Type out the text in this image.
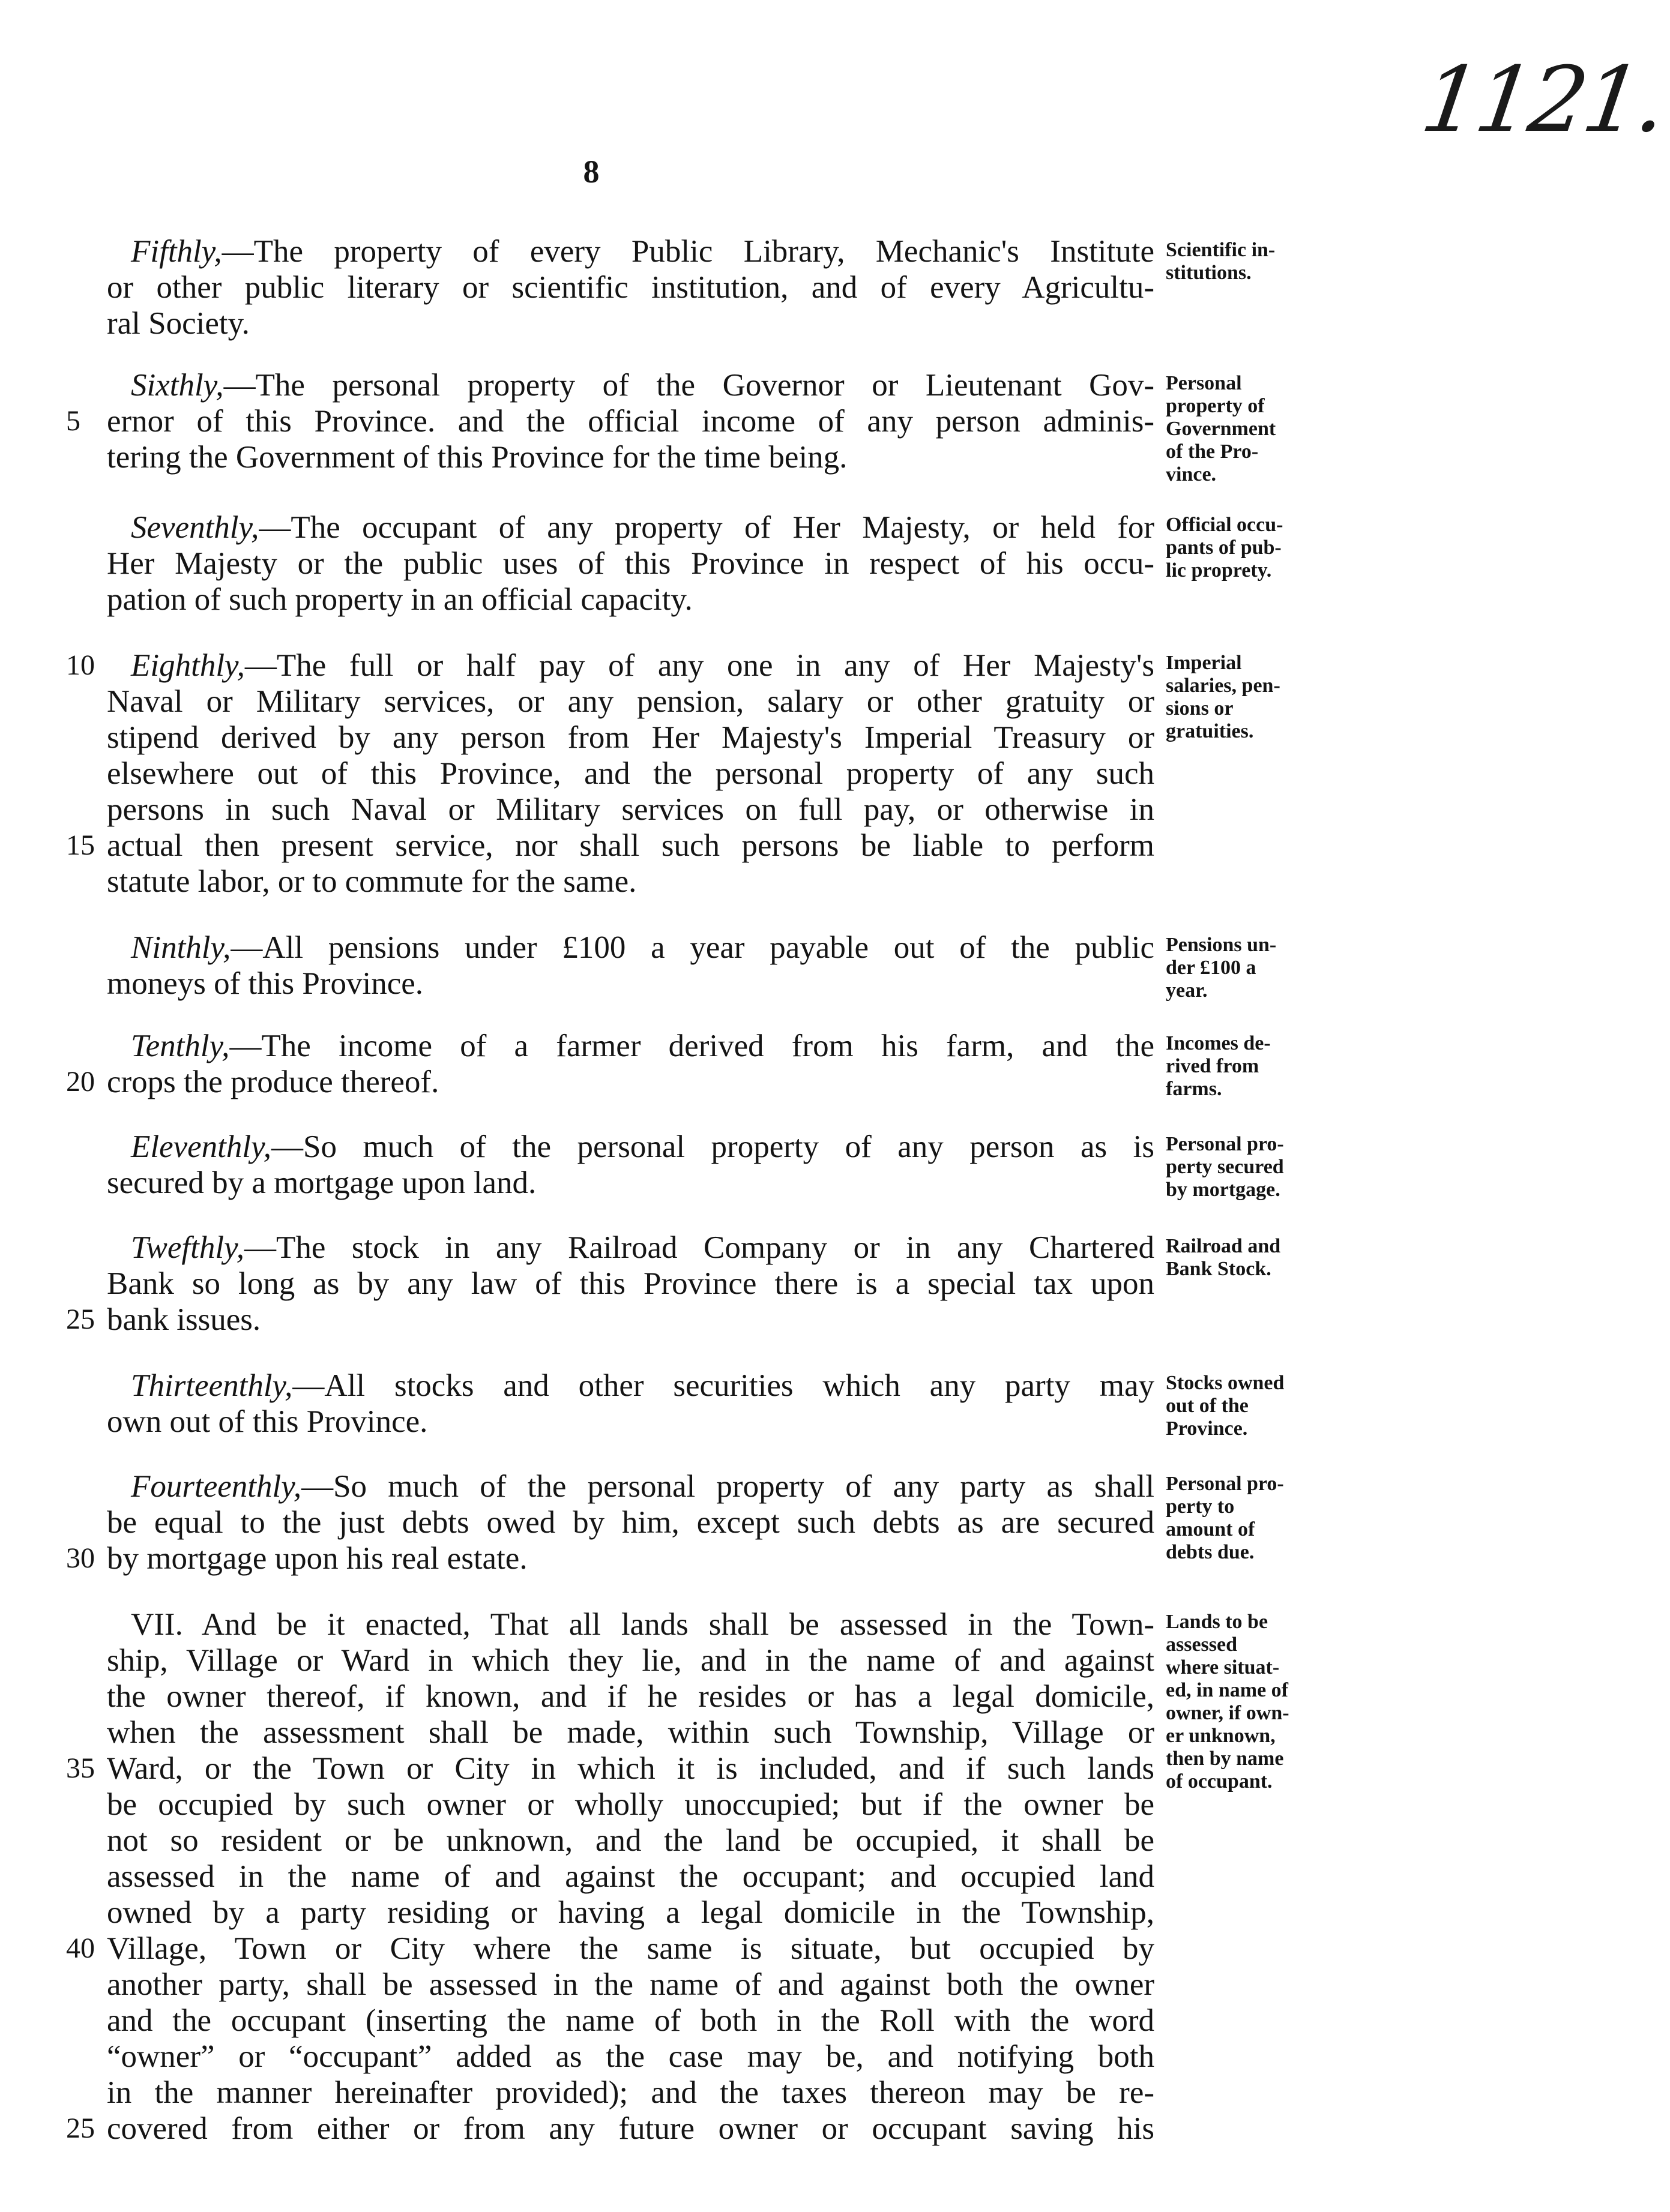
1121.
8
Fifthly,—The property of every Public Library, Mechanic's Institute
or other public literary or scientific institution, and of every Agricultu-
ral Society.
Sixthly,—The personal property of the Governor or Lieutenant Gov-
ernor of this Province. and the official income of any person adminis-
tering the Government of this Province for the time being.
Seventhly,—The occupant of any property of Her Majesty, or held for
Her Majesty or the public uses of this Province in respect of his occu-
pation of such property in an official capacity.
Eighthly,—The full or half pay of any one in any of Her Majesty's
Naval or Military services, or any pension, salary or other gratuity or
stipend derived by any person from Her Majesty's Imperial Treasury or
elsewhere out of this Province, and the personal property of any such
persons in such Naval or Military services on full pay, or otherwise in
actual then present service, nor shall such persons be liable to perform
statute labor, or to commute for the same.
Ninthly,—All pensions under £100 a year payable out of the public
moneys of this Province.
Tenthly,—The income of a farmer derived from his farm, and the
crops the produce thereof.
Eleventhly,—So much of the personal property of any person as is
secured by a mortgage upon land.
Twefthly,—The stock in any Railroad Company or in any Chartered
Bank so long as by any law of this Province there is a special tax upon
bank issues.
Thirteenthly,—All stocks and other securities which any party may
own out of this Province.
Fourteenthly,—So much of the personal property of any party as shall
be equal to the just debts owed by him, except such debts as are secured
by mortgage upon his real estate.
VII. And be it enacted, That all lands shall be assessed in the Town-
ship, Village or Ward in which they lie, and in the name of and against
the owner thereof, if known, and if he resides or has a legal domicile,
when the assessment shall be made, within such Township, Village or
Ward, or the Town or City in which it is included, and if such lands
be occupied by such owner or wholly unoccupied; but if the owner be
not so resident or be unknown, and the land be occupied, it shall be
assessed in the name of and against the occupant; and occupied land
owned by a party residing or having a legal domicile in the Township,
Village, Town or City where the same is situate, but occupied by
another party, shall be assessed in the name of and against both the owner
and the occupant (inserting the name of both in the Roll with the word
“owner” or “occupant” added as the case may be, and notifying both
in the manner hereinafter provided); and the taxes thereon may be re-
covered from either or from any future owner or occupant saving his
5
10
15
20
25
30
35
40
25
Scientific in-
stitutions.
Personal
property of
Government
of the Pro-
vince.
Official occu-
pants of pub-
lic proprety.
Imperial
salaries, pen-
sions or
gratuities.
Pensions un-
der £100 a
year.
Incomes de-
rived from
farms.
Personal pro-
perty secured
by mortgage.
Railroad and
Bank Stock.
Stocks owned
out of the
Province.
Personal pro-
perty to
amount of
debts due.
Lands to be
assessed
where situat-
ed, in name of
owner, if own-
er unknown,
then by name
of occupant.
